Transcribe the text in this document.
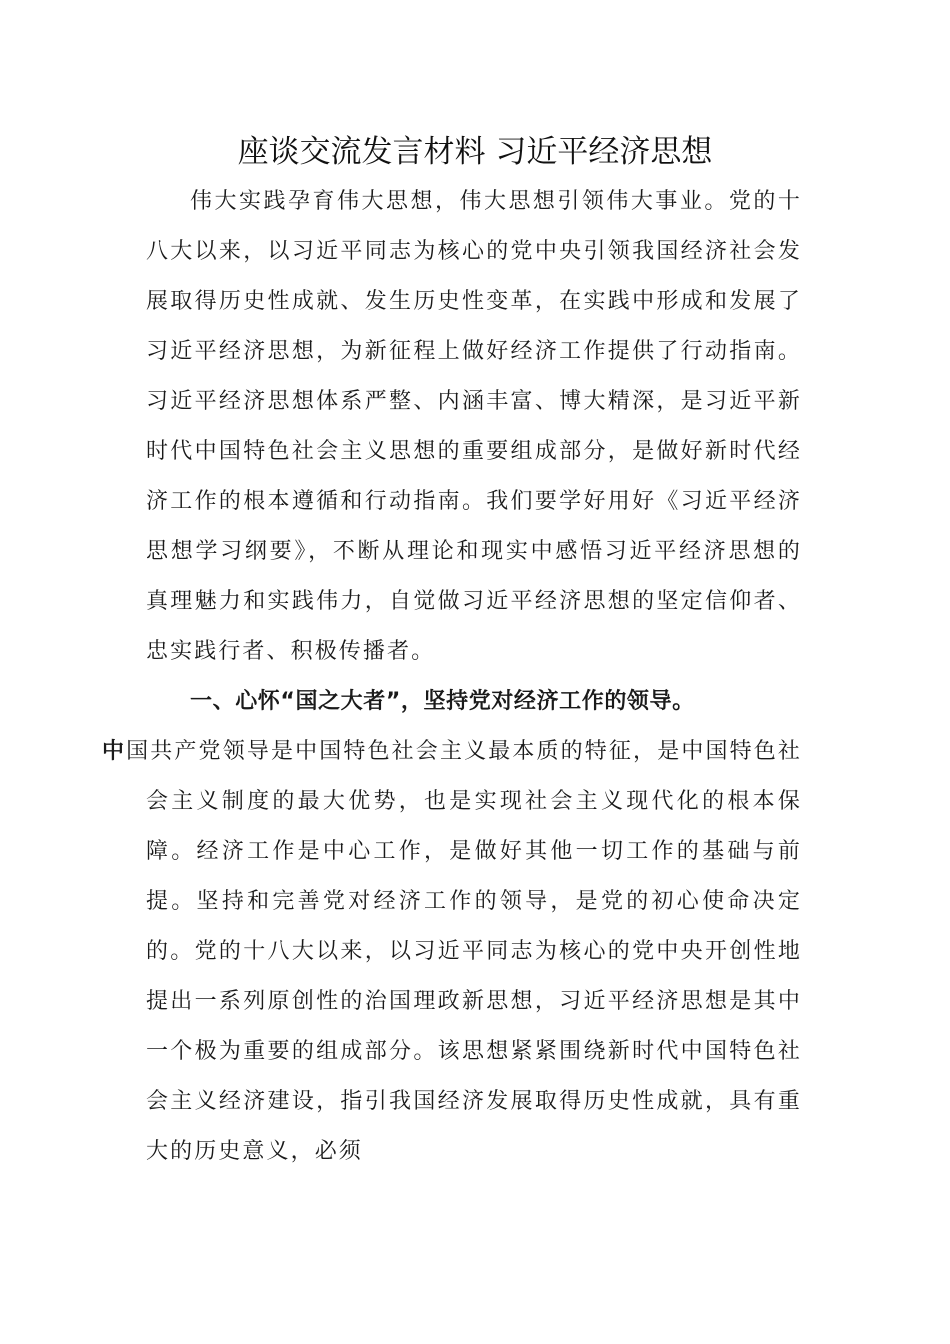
座谈交流发言材料 习近平经济思想

伟大实践孕育伟大思想，伟大思想引领伟大事业。党的十八大以来，以习近平同志为核心的党中央引领我国经济社会发展取得历史性成就、发生历史性变革，在实践中形成和发展了习近平经济思想，为新征程上做好经济工作提供了行动指南。习近平经济思想体系严整、内涵丰富、博大精深，是习近平新时代中国特色社会主义思想的重要组成部分，是做好新时代经济工作的根本遵循和行动指南。我们要学好用好《习近平经济思想学习纲要》，不断从理论和现实中感悟习近平经济思想的真理魅力和实践伟力，自觉做习近平经济思想的坚定信仰者、忠实践行者、积极传播者。

一、心怀“国之大者”，坚持党对经济工作的领导。
中国共产党领导是中国特色社会主义最本质的特征，是中国特色社会主义制度的最大优势，也是实现社会主义现代化的根本保障。经济工作是中心工作，是做好其他一切工作的基础与前提。坚持和完善党对经济工作的领导，是党的初心使命决定的。党的十八大以来，以习近平同志为核心的党中央开创性地提出一系列原创性的治国理政新思想，习近平经济思想是其中一个极为重要的组成部分。该思想紧紧围绕新时代中国特色社会主义经济建设，指引我国经济发展取得历史性成就，具有重大的历史意义，必须
